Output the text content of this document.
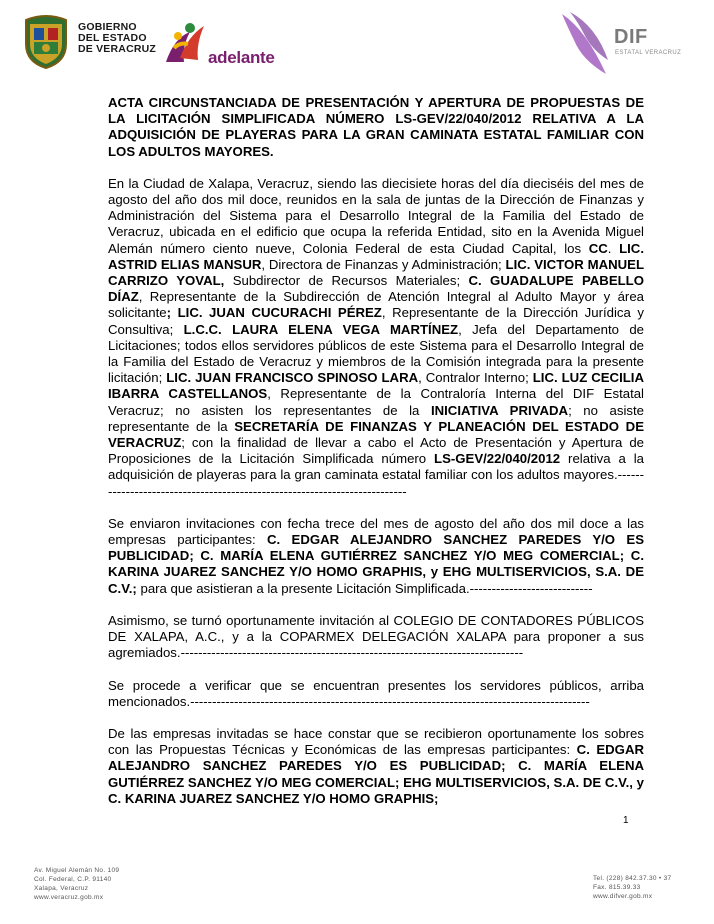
GOBIERNO
DEL ESTADO
DE VERACRUZ	adelante
DIF
ESTATAL VERACRUZ

ACTA CIRCUNSTANCIADA DE PRESENTACIÓN Y APERTURA DE PROPUESTAS DE LA LICITACIÓN SIMPLIFICADA NÚMERO LS-GEV/22/040/2012 RELATIVA A LA ADQUISICIÓN DE PLAYERAS PARA LA GRAN CAMINATA ESTATAL FAMILIAR CON LOS ADULTOS MAYORES.

En la Ciudad de Xalapa, Veracruz, siendo las diecisiete horas del día dieciséis del mes de agosto del año dos mil doce, reunidos en la sala de juntas de la Dirección de Finanzas y Administración del Sistema para el Desarrollo Integral de la Familia del Estado de Veracruz, ubicada en el edificio que ocupa la referida Entidad, sito en la Avenida Miguel Alemán número ciento nueve, Colonia Federal de esta Ciudad Capital, los CC. LIC. ASTRID ELIAS MANSUR, Directora de Finanzas y Administración; LIC. VICTOR MANUEL CARRIZO YOVAL, Subdirector de Recursos Materiales; C. GUADALUPE PABELLO DÍAZ, Representante de la Subdirección de Atención Integral al Adulto Mayor y área solicitante; LIC. JUAN CUCURACHI PÉREZ, Representante de la Dirección Jurídica y Consultiva; L.C.C. LAURA ELENA VEGA MARTÍNEZ, Jefa del Departamento de Licitaciones; todos ellos servidores públicos de este Sistema para el Desarrollo Integral de la Familia del Estado de Veracruz y miembros de la Comisión integrada para la presente licitación; LIC. JUAN FRANCISCO SPINOSO LARA, Contralor Interno; LIC. LUZ CECILIA IBARRA CASTELLANOS, Representante de la Contraloría Interna del DIF Estatal Veracruz; no asisten los representantes de la INICIATIVA PRIVADA; no asiste representante de la SECRETARÍA DE FINANZAS Y PLANEACIÓN DEL ESTADO DE VERACRUZ; con la finalidad de llevar a cabo el Acto de Presentación y Apertura de Proposiciones de la Licitación Simplificada número LS-GEV/22/040/2012 relativa a la adquisición de playeras para la gran caminata estatal familiar con los adultos mayores.--------------------------------------------------------------------------

Se enviaron invitaciones con fecha trece del mes de agosto del año dos mil doce a las empresas participantes: C. EDGAR ALEJANDRO SANCHEZ PAREDES Y/O ES PUBLICIDAD; C. MARÍA ELENA GUTIÉRREZ SANCHEZ Y/O MEG COMERCIAL; C. KARINA JUAREZ SANCHEZ Y/O HOMO GRAPHIS, y EHG MULTISERVICIOS, S.A. DE C.V.; para que asistieran a la presente Licitación Simplificada.----------------------------

Asimismo, se turnó oportunamente invitación al COLEGIO DE CONTADORES PÚBLICOS DE XALAPA, A.C., y a la COPARMEX DELEGACIÓN XALAPA para proponer a sus agremiados.------------------------------------------------------------------------------

Se procede a verificar que se encuentran presentes los servidores públicos, arriba mencionados.-------------------------------------------------------------------------------------------

De las empresas invitadas se hace constar que se recibieron oportunamente los sobres con las Propuestas Técnicas y Económicas de las empresas participantes: C. EDGAR ALEJANDRO SANCHEZ PAREDES Y/O ES PUBLICIDAD; C. MARÍA ELENA GUTIÉRREZ SANCHEZ Y/O MEG COMERCIAL; EHG MULTISERVICIOS, S.A. DE C.V., y C. KARINA JUAREZ SANCHEZ Y/O HOMO GRAPHIS;

1
Av. Miguel Alemán No. 109
Col. Federal, C.P. 91140
Xalapa, Veracruz
www.veracruz.gob.mx
Tel. (228) 842.37.30 • 37
Fax. 815.39.33
www.difver.gob.mx
